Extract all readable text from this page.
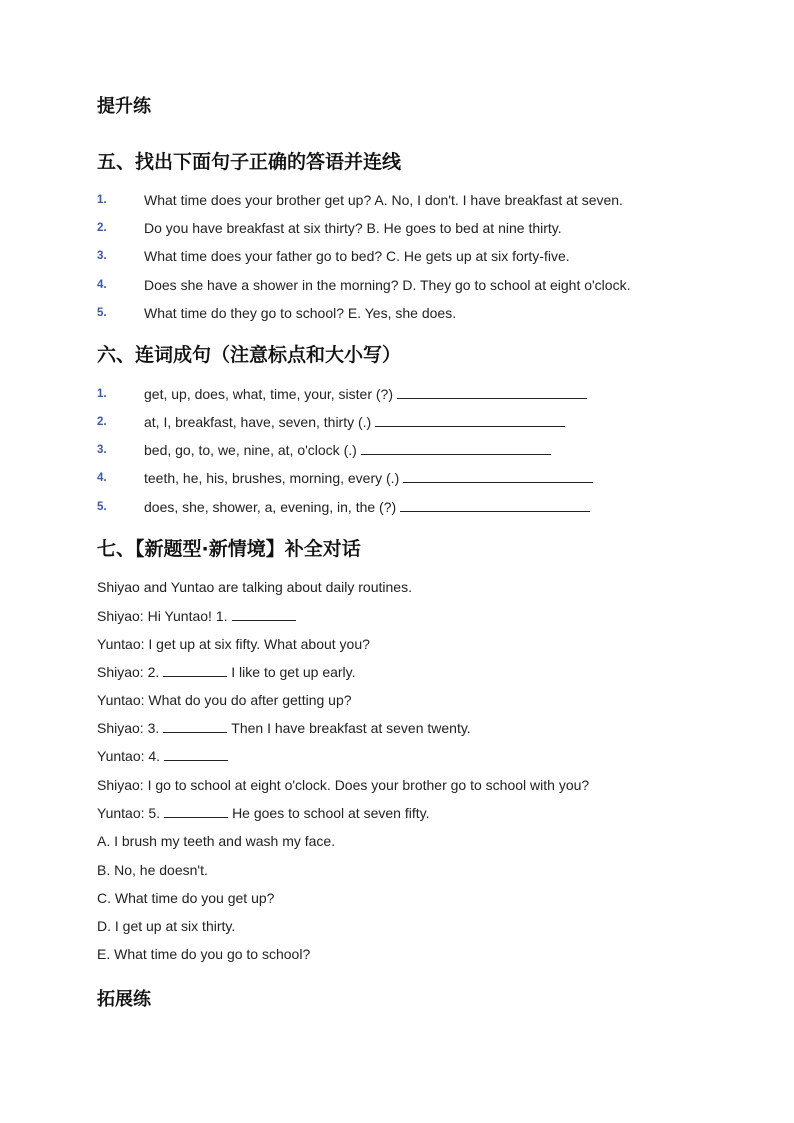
提升练
五、找出下面句子正确的答语并连线
1.	What time does your brother get up? A. No, I don't. I have breakfast at seven.
2.	Do you have breakfast at six thirty? B. He goes to bed at nine thirty.
3.	What time does your father go to bed? C. He gets up at six forty-five.
4.	Does she have a shower in the morning? D. They go to school at eight o'clock.
5.	What time do they go to school? E. Yes, she does.
六、连词成句（注意标点和大小写）
1.	get, up, does, what, time, your, sister (?)
2.	at, I, breakfast, have, seven, thirty (.)
3.	bed, go, to, we, nine, at, o'clock (.)
4.	teeth, he, his, brushes, morning, every (.)
5.	does, she, shower, a, evening, in, the (?)
七、【新题型·新情境】补全对话
Shiyao and Yuntao are talking about daily routines.
Shiyao: Hi Yuntao! 1.
Yuntao: I get up at six fifty. What about you?
Shiyao: 2.	I like to get up early.
Yuntao: What do you do after getting up?
Shiyao: 3.	Then I have breakfast at seven twenty.
Yuntao: 4.
Shiyao: I go to school at eight o'clock. Does your brother go to school with you?
Yuntao: 5.	He goes to school at seven fifty.
A. I brush my teeth and wash my face.
B. No, he doesn't.
C. What time do you get up?
D. I get up at six thirty.
E. What time do you go to school?
拓展练
